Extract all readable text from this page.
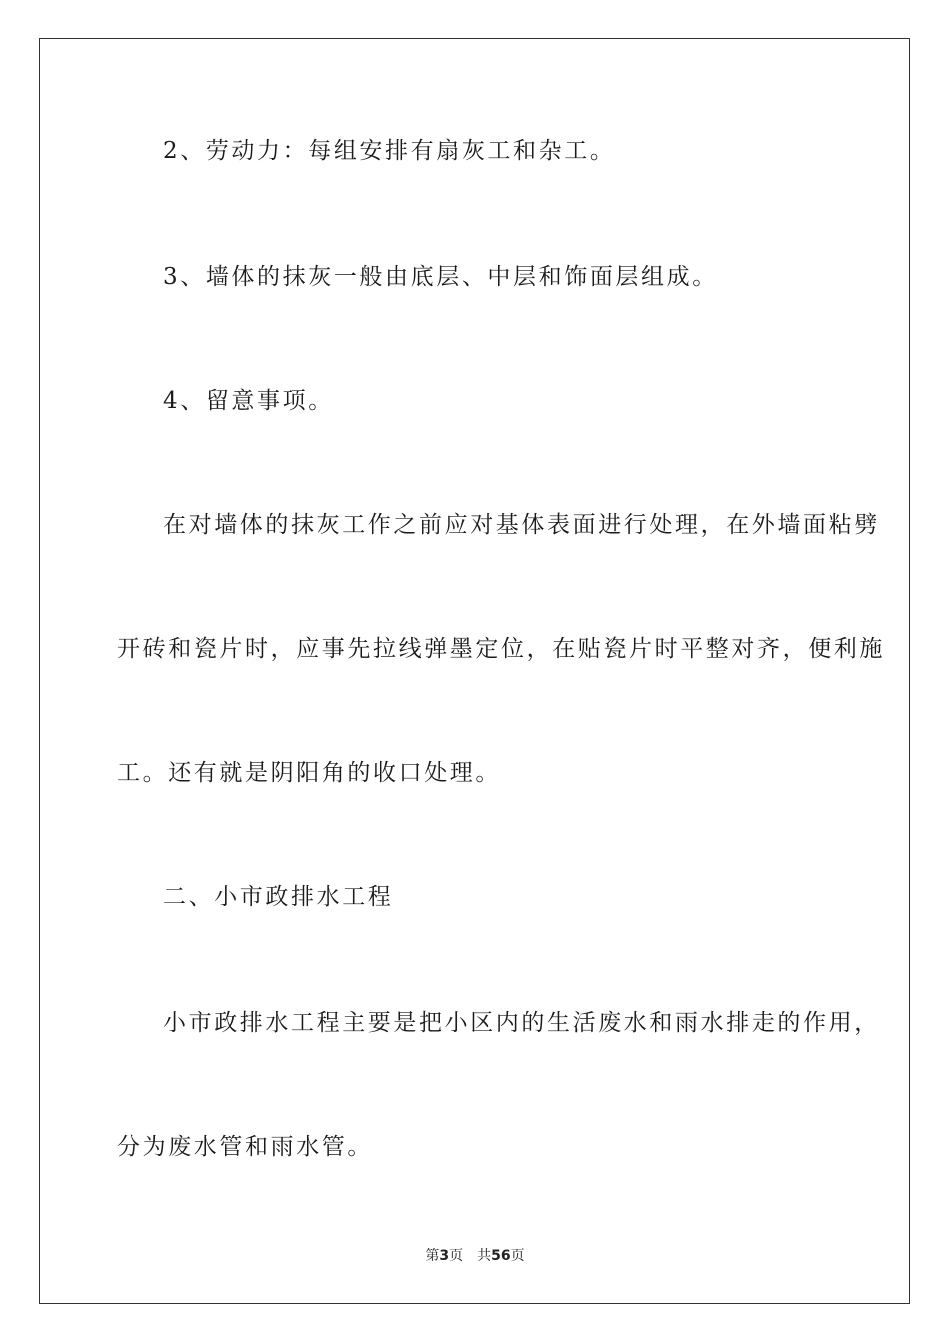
2、劳动力：每组安排有扇灰工和杂工。
3、墙体的抹灰一般由底层、中层和饰面层组成。
4、留意事项。
在对墙体的抹灰工作之前应对基体表面进行处理，在外墙面粘劈
开砖和瓷片时，应事先拉线弹墨定位，在贴瓷片时平整对齐，便利施
工。还有就是阴阳角的收口处理。
二、小市政排水工程
小市政排水工程主要是把小区内的生活废水和雨水排走的作用，
分为废水管和雨水管。
第3页 共56页
